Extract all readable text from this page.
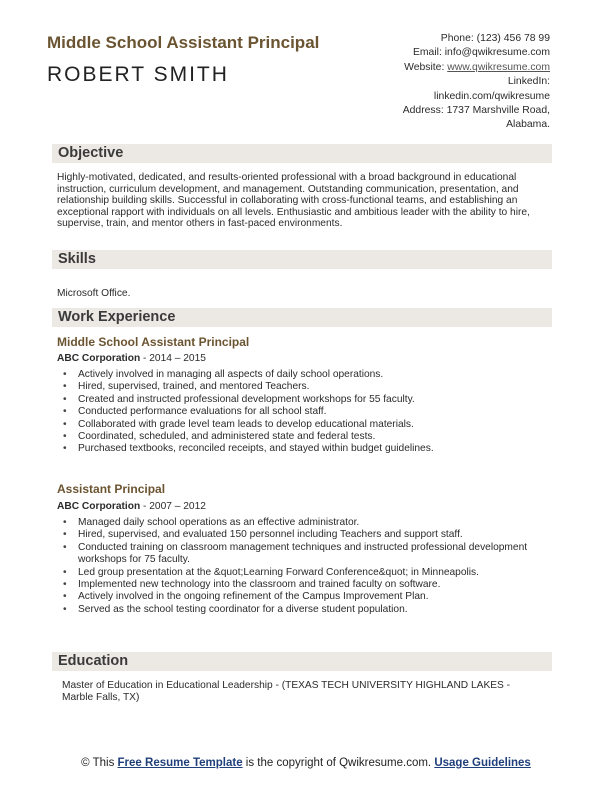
Middle School Assistant Principal
ROBERT SMITH
Phone: (123) 456 78 99
Email: info@qwikresume.com
Website: www.qwikresume.com
LinkedIn:
linkedin.com/qwikresume
Address: 1737 Marshville Road, Alabama.
Objective
Highly-motivated, dedicated, and results-oriented professional with a broad background in educational instruction, curriculum development, and management. Outstanding communication, presentation, and relationship building skills. Successful in collaborating with cross-functional teams, and establishing an exceptional rapport with individuals on all levels. Enthusiastic and ambitious leader with the ability to hire, supervise, train, and mentor others in fast-paced environments.
Skills
Microsoft Office.
Work Experience
Middle School Assistant Principal
ABC Corporation - 2014 – 2015
• Actively involved in managing all aspects of daily school operations.
• Hired, supervised, trained, and mentored Teachers.
• Created and instructed professional development workshops for 55 faculty.
• Conducted performance evaluations for all school staff.
• Collaborated with grade level team leads to develop educational materials.
• Coordinated, scheduled, and administered state and federal tests.
• Purchased textbooks, reconciled receipts, and stayed within budget guidelines.
Assistant Principal
ABC Corporation - 2007 – 2012
• Managed daily school operations as an effective administrator.
• Hired, supervised, and evaluated 150 personnel including Teachers and support staff.
• Conducted training on classroom management techniques and instructed professional development workshops for 75 faculty.
• Led group presentation at the &quot;Learning Forward Conference&quot; in Minneapolis.
• Implemented new technology into the classroom and trained faculty on software.
• Actively involved in the ongoing refinement of the Campus Improvement Plan.
• Served as the school testing coordinator for a diverse student population.
Education
Master of Education in Educational Leadership - (TEXAS TECH UNIVERSITY HIGHLAND LAKES - Marble Falls, TX)
© This Free Resume Template is the copyright of Qwikresume.com. Usage Guidelines
